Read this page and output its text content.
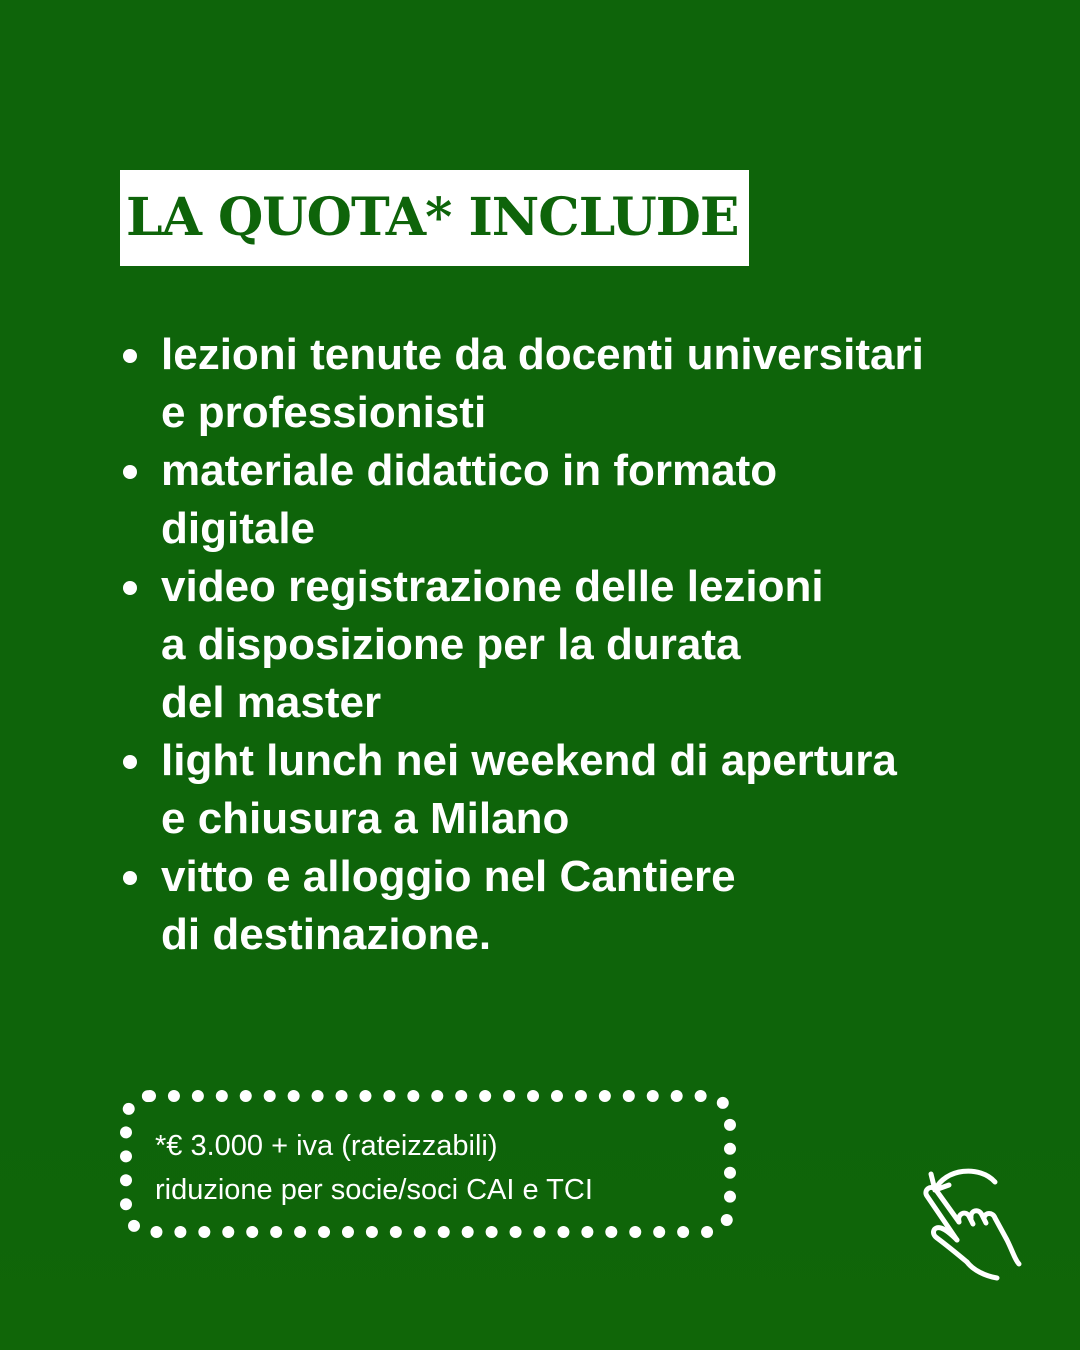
LA QUOTA* INCLUDE
lezioni tenute da docenti universitari
e professionisti
materiale didattico in formato
digitale
video registrazione delle lezioni
a disposizione per la durata
del master
light lunch nei weekend di apertura
e chiusura a Milano
vitto e alloggio nel Cantiere
di destinazione.
*€ 3.000 + iva (rateizzabili)
riduzione per socie/soci CAI e TCI
